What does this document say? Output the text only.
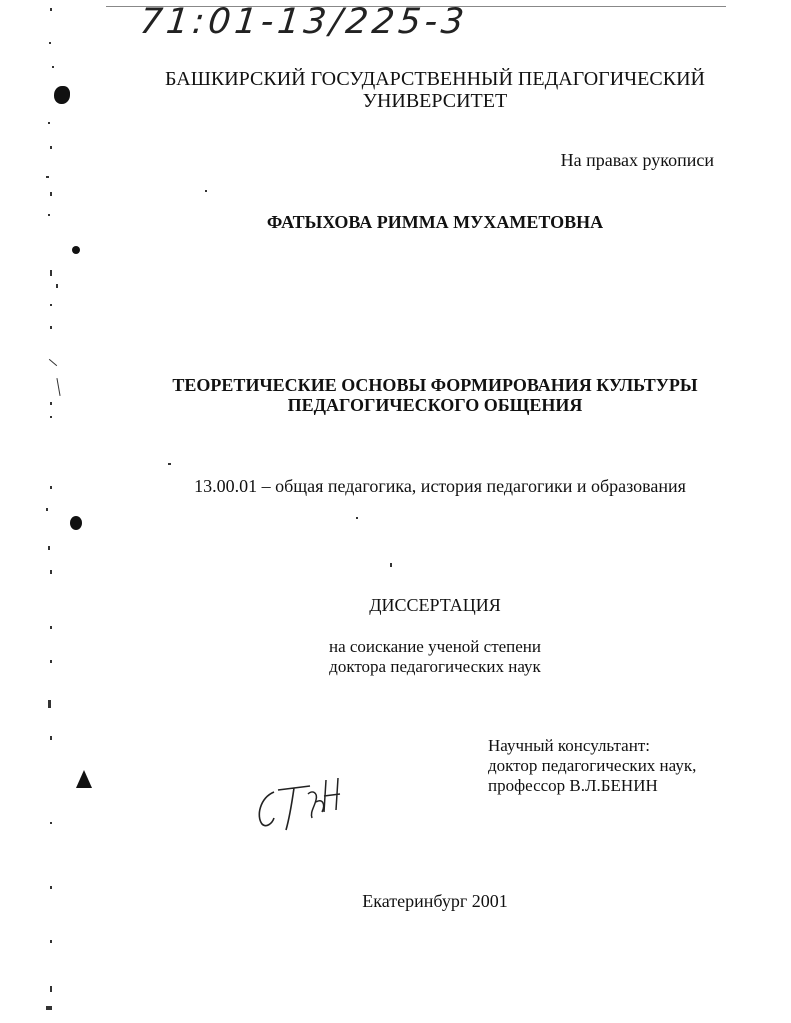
71:01-13/225-3
БАШКИРСКИЙ ГОСУДАРСТВЕННЫЙ ПЕДАГОГИЧЕСКИЙ
УНИВЕРСИТЕТ
На правах рукописи
ФАТЫХОВА РИММА МУХАМЕТОВНА
ТЕОРЕТИЧЕСКИЕ ОСНОВЫ ФОРМИРОВАНИЯ КУЛЬТУРЫ
ПЕДАГОГИЧЕСКОГО ОБЩЕНИЯ
13.00.01 – общая педагогика, история педагогики и образования
ДИССЕРТАЦИЯ
на соискание ученой степени
доктора педагогических наук
Научный консультант:
доктор педагогических наук,
профессор В.Л.БЕНИН
Екатеринбург 2001
